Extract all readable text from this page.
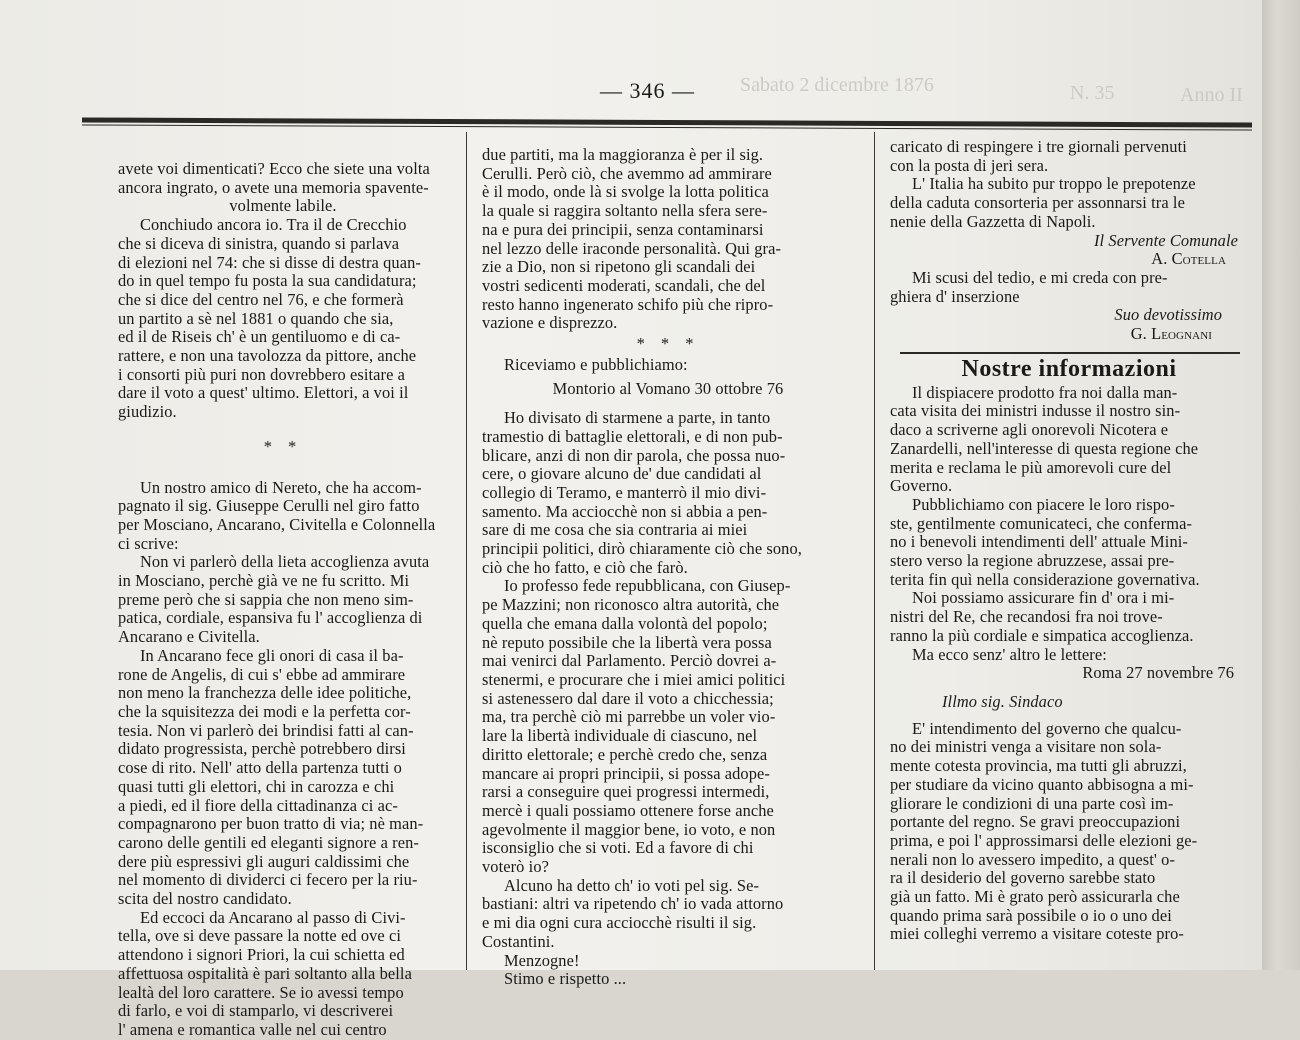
Anno II
Sabato 2 dicembre 1876	N. 35
— 346 —

avete voi dimenticati? Ecco che siete una volta

ancora ingrato, o avete una memoria spavente-

volmente labile.

Conchiudo ancora io. Tra il de Crecchio

che si diceva di sinistra, quando si parlava

di elezioni nel 74: che si disse di destra quan-

do in quel tempo fu posta la sua candidatura;

che si dice del centro nel 76, e che formerà

un partito a sè nel 1881 o quando che sia,

ed il de Riseis ch' è un gentiluomo e di ca-

rattere, e non una tavolozza da pittore, anche

i consorti più puri non dovrebbero esitare a

dare il voto a quest' ultimo. Elettori, a voi il

giudizio.

* *

Un nostro amico di Nereto, che ha accom-

pagnato il sig. Giuseppe Cerulli nel giro fatto

per Mosciano, Ancarano, Civitella e Colonnella

ci scrive:

Non vi parlerò della lieta accoglienza avuta

in Mosciano, perchè già ve ne fu scritto. Mi

preme però che si sappia che non meno sim-

patica, cordiale, espansiva fu l' accoglienza di

Ancarano e Civitella.

In Ancarano fece gli onori di casa il ba-

rone de Angelis, di cui s' ebbe ad ammirare

non meno la franchezza delle idee politiche,

che la squisitezza dei modi e la perfetta cor-

tesia. Non vi parlerò dei brindisi fatti al can-

didato progressista, perchè potrebbero dirsi

cose di rito. Nell' atto della partenza tutti o

quasi tutti gli elettori, chi in carozza e chi

a piedi, ed il fiore della cittadinanza ci ac-

compagnarono per buon tratto di via; nè man-

carono delle gentili ed eleganti signore a ren-

dere più espressivi gli auguri caldissimi che

nel momento di dividerci ci fecero per la riu-

scita del nostro candidato.

Ed eccoci da Ancarano al passo di Civi-

tella, ove si deve passare la notte ed ove ci

attendono i signori Priori, la cui schietta ed

affettuosa ospitalità è pari soltanto alla bella

lealtà del loro carattere. Se io avessi tempo

di farlo, e voi di stamparlo, vi descriverei

l' amena e romantica valle nel cui centro

due partiti, ma la maggioranza è per il sig.

Cerulli. Però ciò, che avemmo ad ammirare

è il modo, onde là si svolge la lotta politica

la quale si raggira soltanto nella sfera sere-

na e pura dei principii, senza contaminarsi

nel lezzo delle iraconde personalità. Qui gra-

zie a Dio, non si ripetono gli scandali dei

vostri sedicenti moderati, scandali, che del

resto hanno ingenerato schifo più che ripro-

vazione e disprezzo.

* * *

Riceviamo e pubblichiamo:

Montorio al Vomano 30 ottobre 76

Ho divisato di starmene a parte, in tanto

tramestio di battaglie elettorali, e di non pub-

blicare, anzi di non dir parola, che possa nuo-

cere, o giovare alcuno de' due candidati al

collegio di Teramo, e manterrò il mio divi-

samento. Ma acciocchè non si abbia a pen-

sare di me cosa che sia contraria ai miei

principii politici, dirò chiaramente ciò che sono,

ciò che ho fatto, e ciò che farò.

Io professo fede repubblicana, con Giusep-

pe Mazzini; non riconosco altra autorità, che

quella che emana dalla volontà del popolo;

nè reputo possibile che la libertà vera possa

mai venirci dal Parlamento. Perciò dovrei a-

stenermi, e procurare che i miei amici politici

si astenessero dal dare il voto a chicchessia;

ma, tra perchè ciò mi parrebbe un voler vio-

lare la libertà individuale di ciascuno, nel

diritto elettorale; e perchè credo che, senza

mancare ai propri principii, si possa adope-

rarsi a conseguire quei progressi intermedi,

mercè i quali possiamo ottenere forse anche

agevolmente il maggior bene, io voto, e non

isconsiglio che si voti. Ed a favore di chi

voterò io?

Alcuno ha detto ch' io voti pel sig. Se-

bastiani: altri va ripetendo ch' io vada attorno

e mi dia ogni cura acciocchè risulti il sig.

Costantini.

Menzogne!

Stimo e rispetto ...

caricato di respingere i tre giornali pervenuti

con la posta di jeri sera.

L' Italia ha subito pur troppo le prepotenze

della caduta consorteria per assonnarsi tra le

nenie della Gazzetta di Napoli.

Il Servente Comunale

A. Cotella

Mi scusi del tedio, e mi creda con pre-

ghiera d' inserzione

Suo devotissimo

G. Leognani

Nostre informazioni

Il dispiacere prodotto fra noi dalla man-

cata visita dei ministri indusse il nostro sin-

daco a scriverne agli onorevoli Nicotera e

Zanardelli, nell'interesse di questa regione che

merita e reclama le più amorevoli cure del

Governo.

Pubblichiamo con piacere le loro rispo-

ste, gentilmente comunicateci, che conferma-

no i benevoli intendimenti dell' attuale Mini-

stero verso la regione abruzzese, assai pre-

terita fin quì nella considerazione governativa.

Noi possiamo assicurare fin d' ora i mi-

nistri del Re, che recandosi fra noi trove-

ranno la più cordiale e simpatica accoglienza.

Ma ecco senz' altro le lettere:

Roma 27 novembre 76

Illmo sig. Sindaco

E' intendimento del governo che qualcu-

no dei ministri venga a visitare non sola-

mente cotesta provincia, ma tutti gli abruzzi,

per studiare da vicino quanto abbisogna a mi-

gliorare le condizioni di una parte così im-

portante del regno. Se gravi preoccupazioni

prima, e poi l' approssimarsi delle elezioni ge-

nerali non lo avessero impedito, a quest' o-

ra il desiderio del governo sarebbe stato

già un fatto. Mi è grato però assicurarla che

quando prima sarà possibile o io o uno dei

miei colleghi verremo a visitare coteste pro-
